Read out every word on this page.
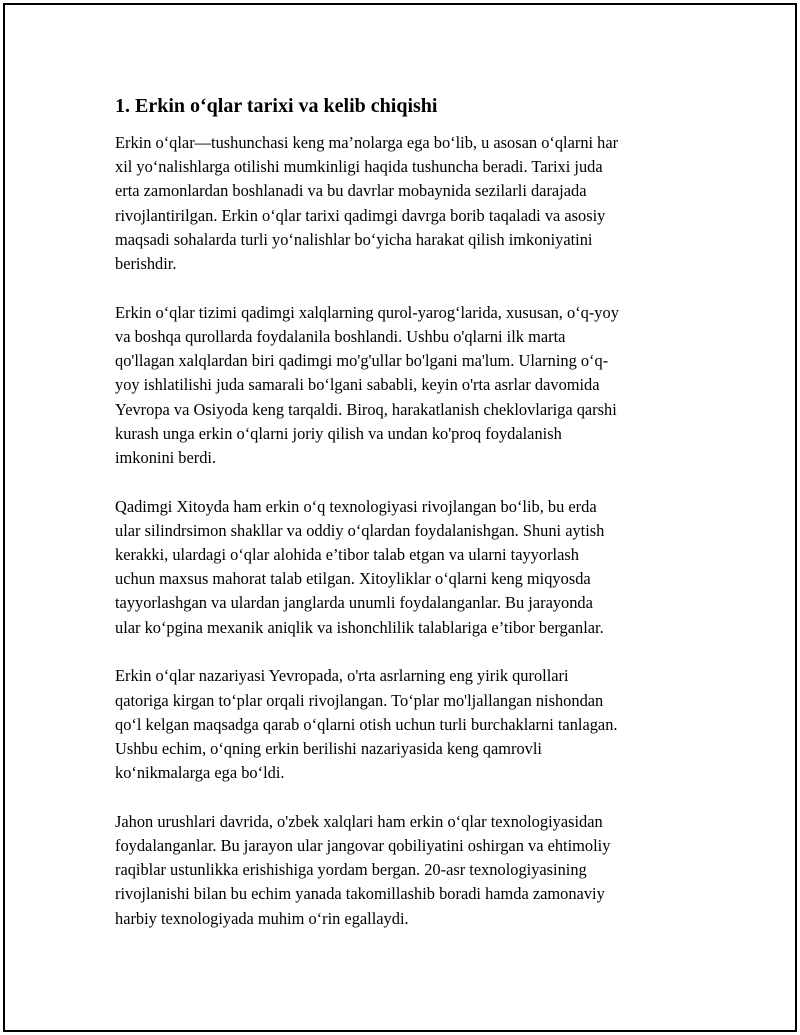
1. Erkin o‘qlar tarixi va kelib chiqishi
Erkin o‘qlar—tushunchasi keng ma’nolarga ega bo‘lib, u asosan o‘qlarni har
xil yo‘nalishlarga otilishi mumkinligi haqida tushuncha beradi. Tarixi juda
erta zamonlardan boshlanadi va bu davrlar mobaynida sezilarli darajada
rivojlantirilgan. Erkin o‘qlar tarixi qadimgi davrga borib taqaladi va asosiy
maqsadi sohalarda turli yo‘nalishlar bo‘yicha harakat qilish imkoniyatini
berishdir.
Erkin o‘qlar tizimi qadimgi xalqlarning qurol-yarog‘larida, xususan, o‘q-yoy
va boshqa qurollarda foydalanila boshlandi. Ushbu o'qlarni ilk marta
qo'llagan xalqlardan biri qadimgi mo'g'ullar bo'lgani ma'lum. Ularning o‘q-
yoy ishlatilishi juda samarali bo‘lgani sababli, keyin o'rta asrlar davomida
Yevropa va Osiyoda keng tarqaldi. Biroq, harakatlanish cheklovlariga qarshi
kurash unga erkin o‘qlarni joriy qilish va undan ko'proq foydalanish
imkonini berdi.
Qadimgi Xitoyda ham erkin o‘q texnologiyasi rivojlangan bo‘lib, bu erda
ular silindrsimon shakllar va oddiy o‘qlardan foydalanishgan. Shuni aytish
kerakki, ulardagi o‘qlar alohida e’tibor talab etgan va ularni tayyorlash
uchun maxsus mahorat talab etilgan. Xitoyliklar o‘qlarni keng miqyosda
tayyorlashgan va ulardan janglarda unumli foydalanganlar. Bu jarayonda
ular ko‘pgina mexanik aniqlik va ishonchlilik talablariga e’tibor berganlar.
Erkin o‘qlar nazariyasi Yevropada, o'rta asrlarning eng yirik qurollari
qatoriga kirgan to‘plar orqali rivojlangan. To‘plar mo'ljallangan nishondan
qo‘l kelgan maqsadga qarab o‘qlarni otish uchun turli burchaklarni tanlagan.
Ushbu echim, o‘qning erkin berilishi nazariyasida keng qamrovli
ko‘nikmalarga ega bo‘ldi.
Jahon urushlari davrida, o'zbek xalqlari ham erkin o‘qlar texnologiyasidan
foydalanganlar. Bu jarayon ular jangovar qobiliyatini oshirgan va ehtimoliy
raqiblar ustunlikka erishishiga yordam bergan. 20-asr texnologiyasining
rivojlanishi bilan bu echim yanada takomillashib boradi hamda zamonaviy
harbiy texnologiyada muhim o‘rin egallaydi.
